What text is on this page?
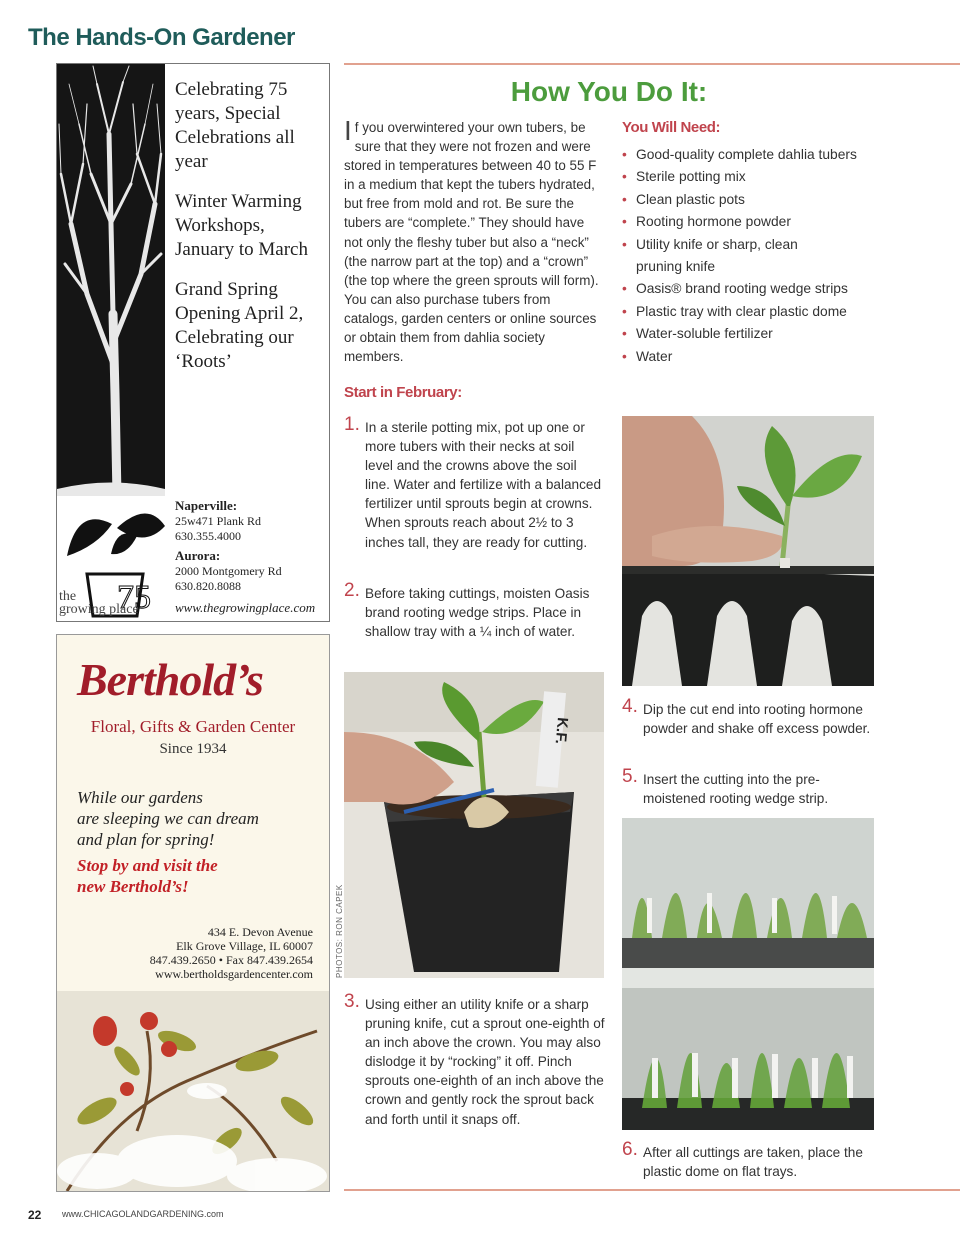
The Hands-On Gardener
75
the
growing place

Celebrating 75 years, Special Celebrations all year

Winter Warming Workshops, January to March

Grand Spring Opening April 2, Celebrating our ‘Roots’

Naperville:
25w471 Plank Rd
630.355.4000
Aurora:
2000 Montgomery Rd
630.820.8088
www.thegrowingplace.com
Berthold’s
Floral, Gifts & Garden Center
Since 1934
While our gardens
are sleeping we can dream
and plan for spring!
Stop by and visit the
new Berthold’s!
434 E. Devon Avenue
Elk Grove Village, IL 60007
847.439.2650 • Fax 847.439.2654
www.bertholdsgardencenter.com
How You Do It:
I f you overwintered your own tubers, be sure that they were not frozen and were stored in temperatures between 40 to 55 F in a medium that kept the tubers hydrated, but free from mold and rot. Be sure the tubers are “complete.” They should have not only the fleshy tuber but also a “neck” (the narrow part at the top) and a “crown” (the top where the green sprouts will form). You can also purchase tubers from catalogs, garden centers or online sources or obtain them from dahlia society members.
You Will Need:
• Good-quality complete dahlia tubers
• Sterile potting mix
• Clean plastic pots
• Rooting hormone powder
• Utility knife or sharp, clean pruning knife
• Oasis® brand rooting wedge strips
• Plastic tray with clear plastic dome
• Water-soluble fertilizer
• Water
Start in February:
1. In a sterile potting mix, pot up one or more tubers with their necks at soil level and the crowns above the soil line. Water and fertilize with a balanced fertilizer until sprouts begin at crowns. When sprouts reach about 2½ to 3 inches tall, they are ready for cutting.
2. Before taking cuttings, moisten Oasis brand rooting wedge strips. Place in shallow tray with a ¼ inch of water.
3. Using either an utility knife or a sharp pruning knife, cut a sprout one-eighth of an inch above the crown. You may also dislodge it by “rocking” it off. Pinch sprouts one-eighth of an inch above the crown and gently rock the sprout back and forth until it snaps off.
4. Dip the cut end into rooting hormone powder and shake off excess powder.
5. Insert the cutting into the pre-moistened rooting wedge strip.
6. After all cuttings are taken, place the plastic dome on flat trays.
K.F.
PHOTOS: RON CAPEK
22 www.CHICAGOLANDGARDENING.com
